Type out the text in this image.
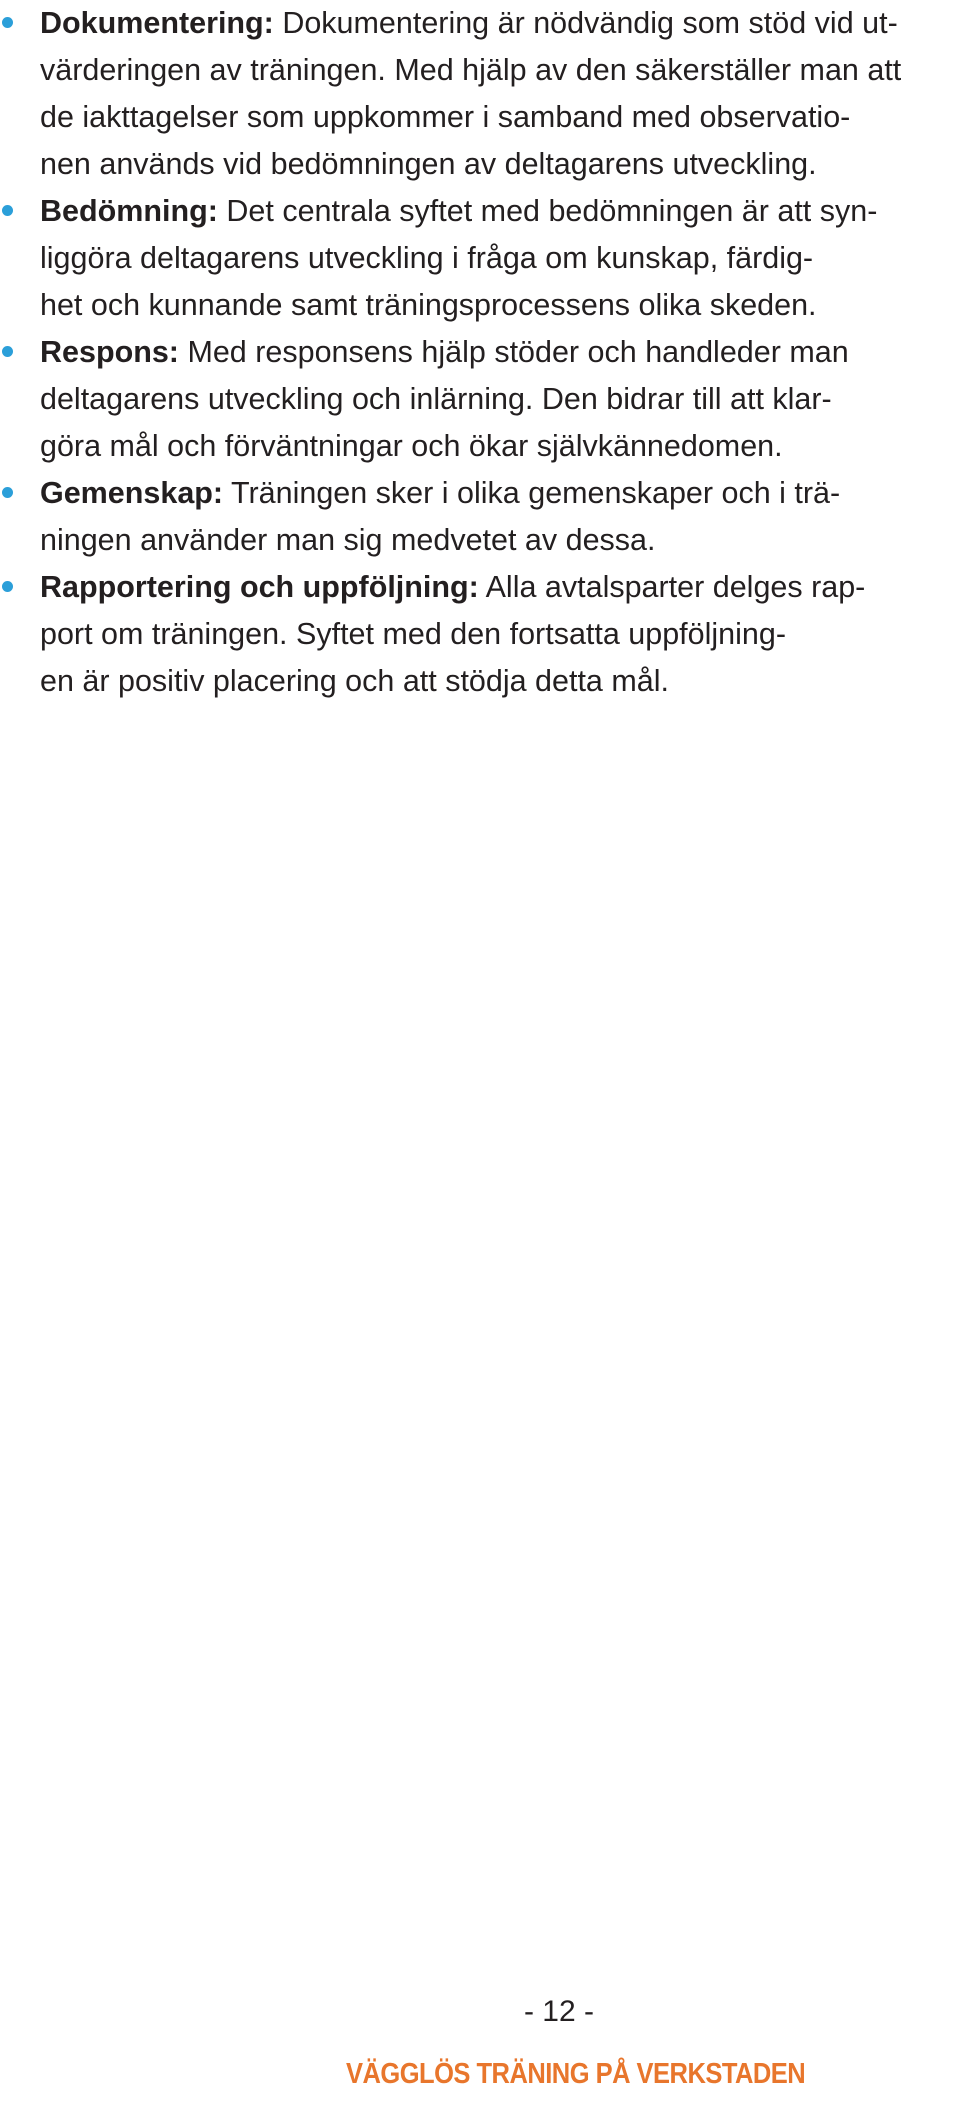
Dokumentering: Dokumentering är nödvändig som stöd vid ut-
värderingen av träningen. Med hjälp av den säkerställer man att
de iakttagelser som uppkommer i samband med observatio-
nen används vid bedömningen av deltagarens utveckling.
Bedömning: Det centrala syftet med bedömningen är att syn-
liggöra deltagarens utveckling i fråga om kunskap, färdig-
het och kunnande samt träningsprocessens olika skeden.
Respons: Med responsens hjälp stöder och handleder man
deltagarens utveckling och inlärning. Den bidrar till att klar-
göra mål och förväntningar och ökar självkännedomen.
Gemenskap: Träningen sker i olika gemenskaper och i trä-
ningen använder man sig medvetet av dessa.
Rapportering och uppföljning: Alla avtalsparter delges rap-
port om träningen. Syftet med den fortsatta uppföljning-
en är positiv placering och att stödja detta mål.
- 12 -
VÄGGLÖS TRÄNING PÅ VERKSTADEN
